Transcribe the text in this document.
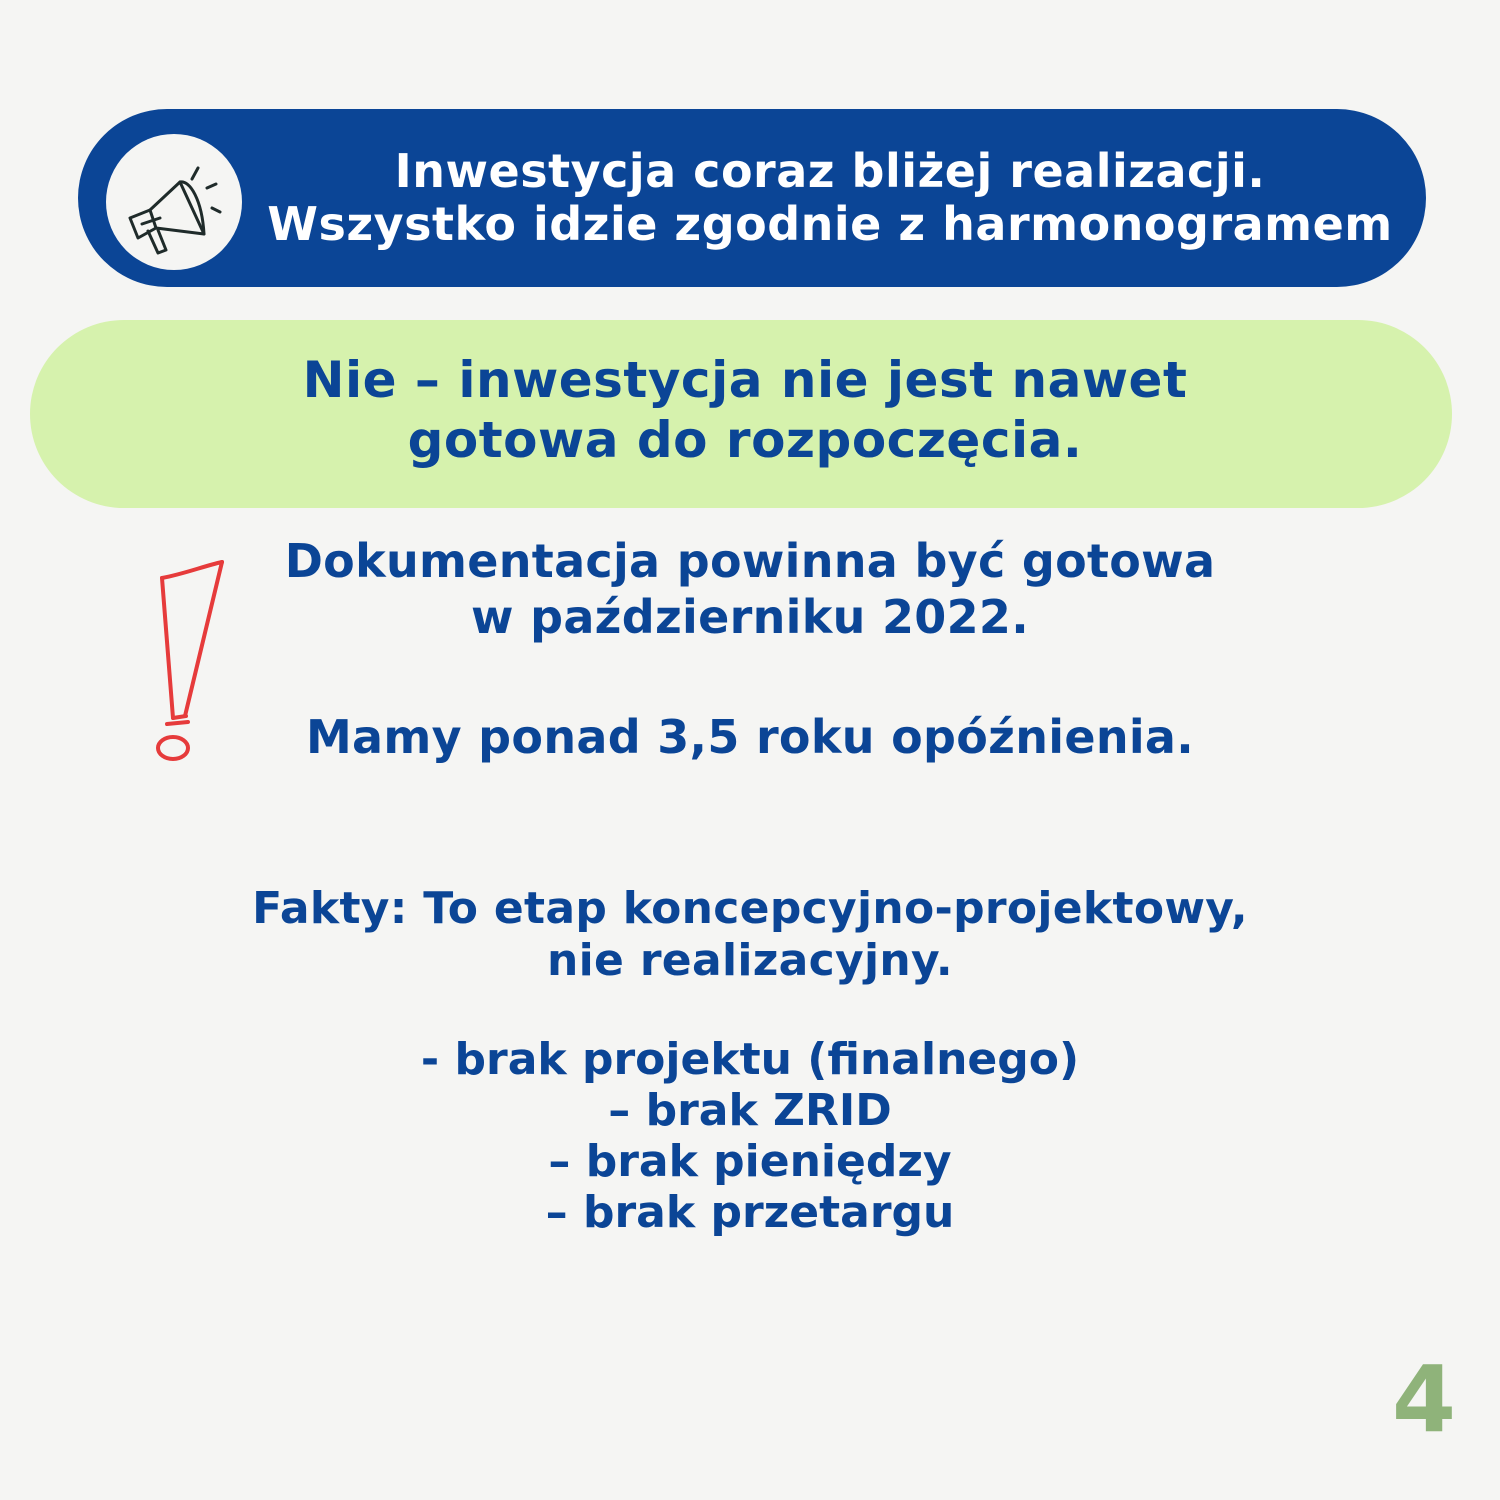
Inwestycja coraz bliżej realizacji.
Wszystko idzie zgodnie z harmonogramem
Nie – inwestycja nie jest nawet
gotowa do rozpoczęcia.
Dokumentacja powinna być gotowa
w październiku 2022.
Mamy ponad 3,5 roku opóźnienia.
Fakty: To etap koncepcyjno-projektowy,
nie realizacyjny.
- brak projektu (finalnego)
– brak ZRID
– brak pieniędzy
– brak przetargu
4
